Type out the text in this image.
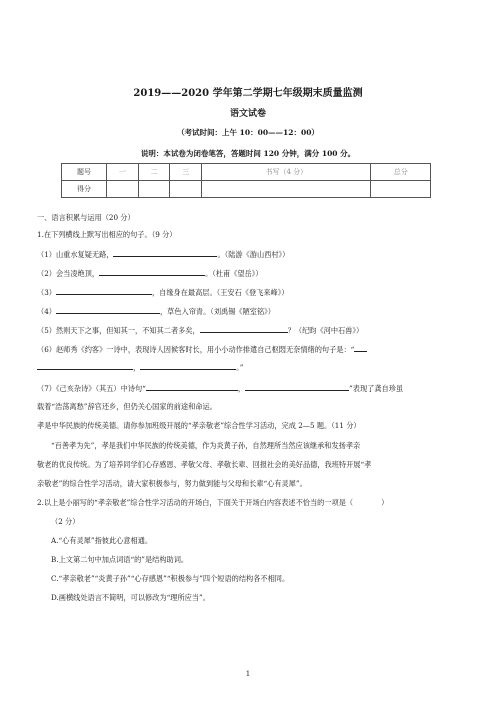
2019——2020 学年第二学期七年级期末质量监测
语文试卷
（考试时间：上午 10：00——12：00）
说明：本试卷为闭卷笔答，答题时间 120 分钟，满分 100 分。
题号	一	二	三	书写（4 分）	总分
得分					
一、语言积累与运用（20 分）
1.在下列横线上默写出相应的句子。（9 分）
（1）山重水复疑无路，	。（陆游《游山西村》）
（2）会当凌绝顶，	。（杜甫《望岳》）
（3）	，自缘身在最高层。（王安石《登飞来峰》）
（4）	，草色入帘青。（刘禹锡《陋室铭》）
（5）然则天下之事，但知其一，不知其二者多矣，	？（纪昀《河中石兽》）
（6）赵师秀《约客》一诗中，表现诗人因候客时长，用小小动作排遣自己枢悶无奈情绪的句子是：“
，	。”
（7）《己亥杂诗》（其五）中诗句“	，	”表现了龚自珍虽
载着“浩荡离愁”辞官还乡，但仍关心国家的前途和命运。
孝是中华民族的传统美德。请你参加班级开展的“孝亲敬老”综合性学习活动，完成 2—5 题。（11 分）
“百善孝为先”，孝是我们中华民族的传统美德，作为炎黄子孙，自然理所当然应该继承和发扬孝亲
敬老的优良传统。为了培养同学们心存感恩、孝敬父母、孝敬长辈、回报社会的美好品德，我班特开展“孝
亲敬老”的综合性学习活动，请大家积极参与，努力做到能与父母和长辈“心有灵犀”。
2.以上是小丽写的“孝亲敬老”综合性学习活动的开场白，下面关于开场白内容表述不恰当的一项是（	）
（2 分）
A.“心有灵犀”指彼此心意相通。
B.上文第二句中加点词语“的”是结构助词。
C.“孝亲敬老”“炎黄子孙”“心存感恩”“积极参与”四个短语的结构各不相同。
D.画横线处语言不简明，可以修改为“理所应当”。
1
